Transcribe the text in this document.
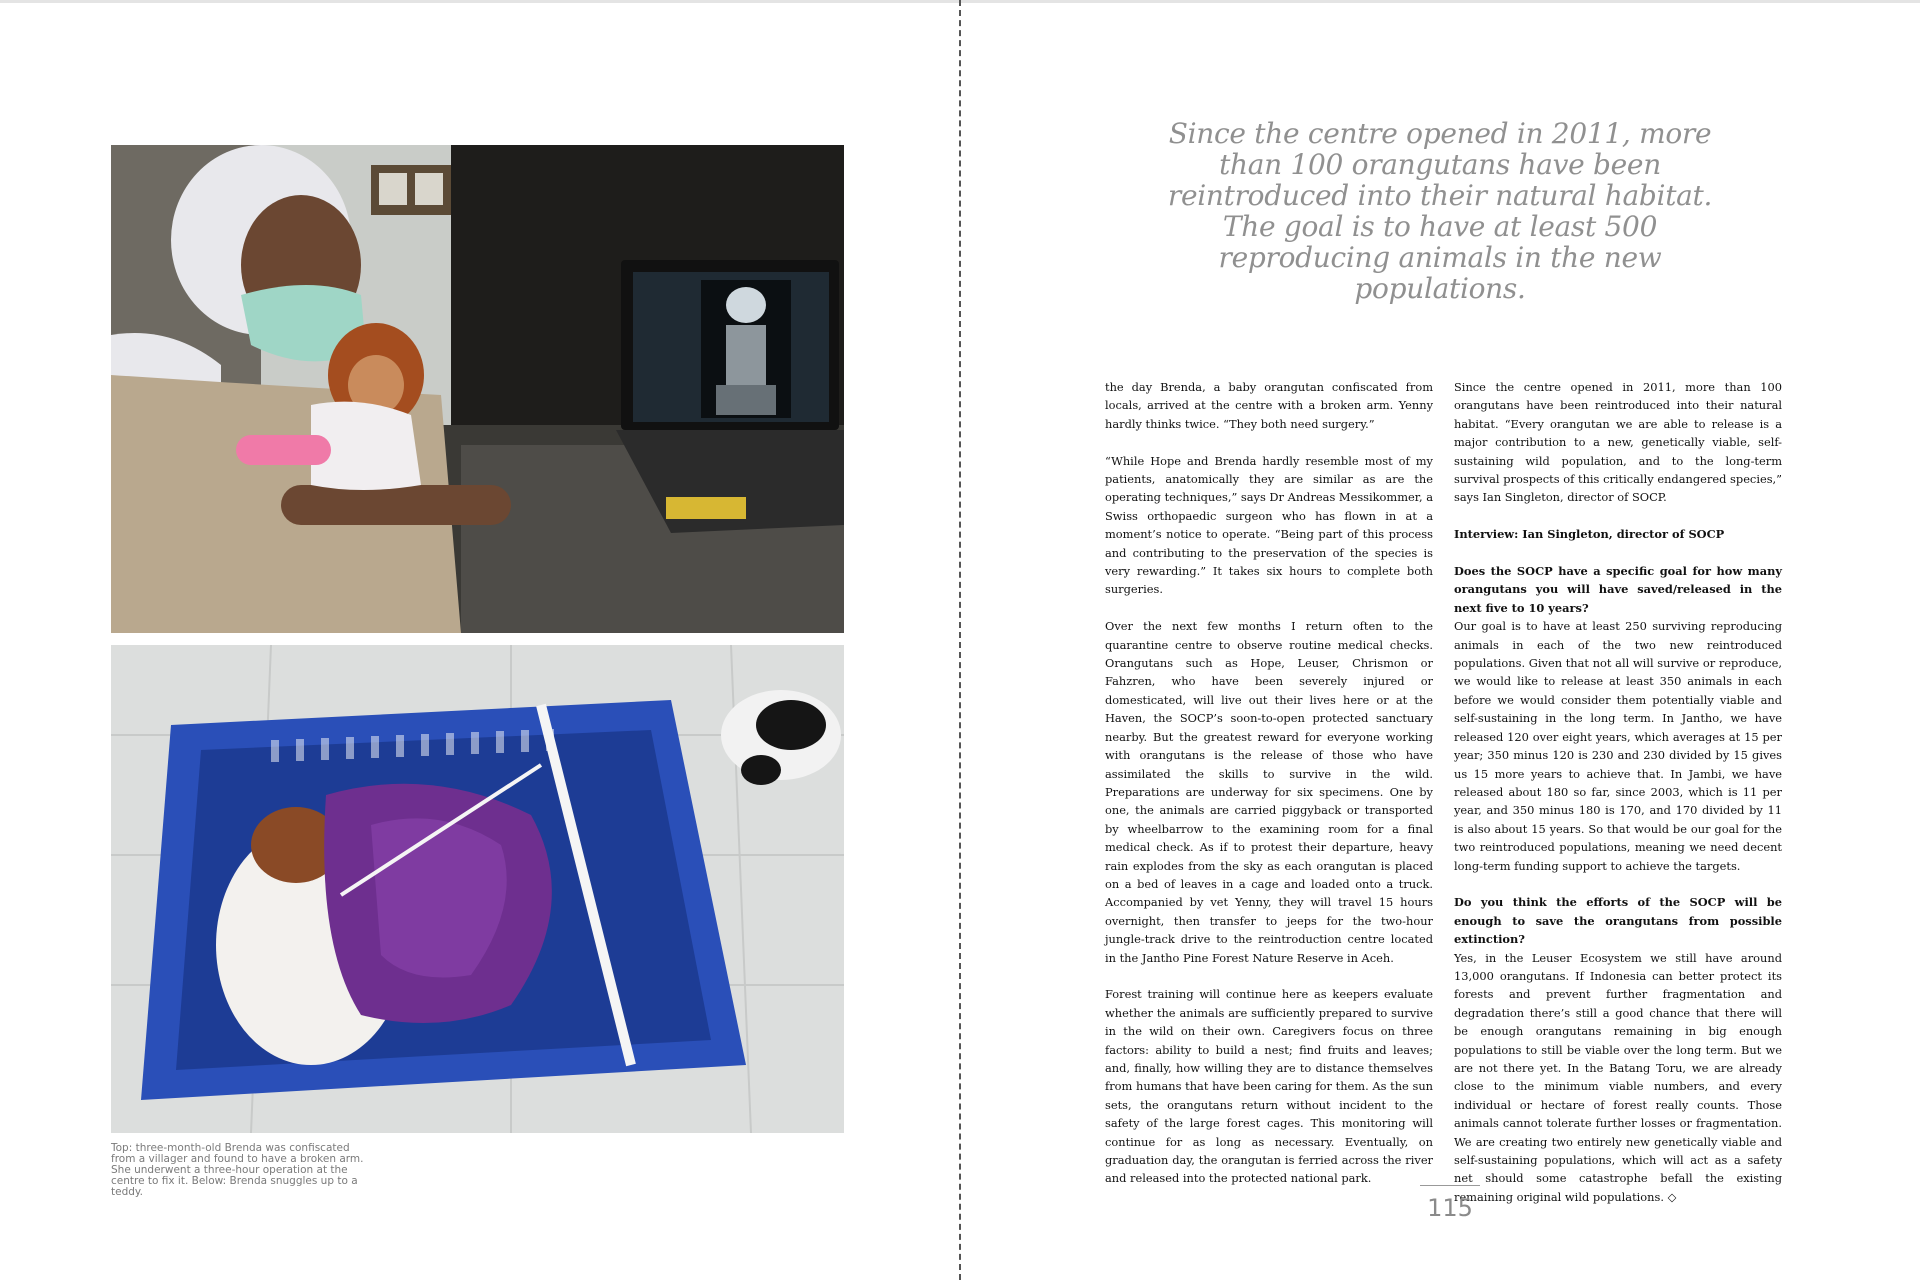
Top: three-month-old Brenda was confiscated from a villager and found to have a broken arm. She underwent a three-hour operation at the centre to fix it. Below: Brenda snuggles up to a teddy.
Since the centre opened in 2011, more than 100 orangutans have been reintroduced into their natural habitat. The goal is to have at least 500 reproducing animals in the new populations.

the day Brenda, a baby orangutan confiscated from locals, arrived at the centre with a broken arm. Yenny hardly thinks twice. “They both need surgery.”

“While Hope and Brenda hardly resemble most of my patients, anatomically they are similar as are the operating techniques,” says Dr Andreas Messikommer, a Swiss orthopaedic surgeon who has flown in at a moment’s notice to operate. “Being part of this process and contributing to the preservation of the species is very rewarding.” It takes six hours to complete both surgeries.

Over the next few months I return often to the quarantine centre to observe routine medical checks. Orangutans such as Hope, Leuser, Chrismon or Fahzren, who have been severely injured or domesticated, will live out their lives here or at the Haven, the SOCP’s soon-to-open protected sanctuary nearby. But the greatest reward for everyone working with orangutans is the release of those who have assimilated the skills to survive in the wild. Preparations are underway for six specimens. One by one, the animals are carried piggyback or transported by wheelbarrow to the examining room for a final medical check. As if to protest their departure, heavy rain explodes from the sky as each orangutan is placed on a bed of leaves in a cage and loaded onto a truck. Accompanied by vet Yenny, they will travel 15 hours overnight, then transfer to jeeps for the two-hour jungle-track drive to the reintroduction centre located in the Jantho Pine Forest Nature Reserve in Aceh.

Forest training will continue here as keepers evaluate whether the animals are sufficiently prepared to survive in the wild on their own. Caregivers focus on three factors: ability to build a nest; find fruits and leaves; and, finally, how willing they are to distance themselves from humans that have been caring for them. As the sun sets, the orangutans return without incident to the safety of the large forest cages. This monitoring will continue for as long as necessary. Eventually, on graduation day, the orangutan is ferried across the river and released into the protected national park.

Since the centre opened in 2011, more than 100 orangutans have been reintroduced into their natural habitat. “Every orangutan we are able to release is a major contribution to a new, genetically viable, self-sustaining wild population, and to the long-term survival prospects of this critically endangered species,” says Ian Singleton, director of SOCP.

Interview: Ian Singleton, director of SOCP

Does the SOCP have a specific goal for how many orangutans you will have saved/released in the next five to 10 years?

Our goal is to have at least 250 surviving reproducing animals in each of the two new reintroduced populations. Given that not all will survive or reproduce, we would like to release at least 350 animals in each before we would consider them potentially viable and self-sustaining in the long term. In Jantho, we have released 120 over eight years, which averages at 15 per year; 350 minus 120 is 230 and 230 divided by 15 gives us 15 more years to achieve that. In Jambi, we have released about 180 so far, since 2003, which is 11 per year, and 350 minus 180 is 170, and 170 divided by 11 is also about 15 years. So that would be our goal for the two reintroduced populations, meaning we need decent long-term funding support to achieve the targets.

Do you think the efforts of the SOCP will be enough to save the orangutans from possible extinction?

Yes, in the Leuser Ecosystem we still have around 13,000 orangutans. If Indonesia can better protect its forests and prevent further fragmentation and degradation there’s still a good chance that there will be enough orangutans remaining in big enough populations to still be viable over the long term. But we are not there yet. In the Batang Toru, we are already close to the minimum viable numbers, and every individual or hectare of forest really counts. Those animals cannot tolerate further losses or fragmentation. We are creating two entirely new genetically viable and self-sustaining populations, which will act as a safety net should some catastrophe befall the existing remaining original wild populations. ◇

115
